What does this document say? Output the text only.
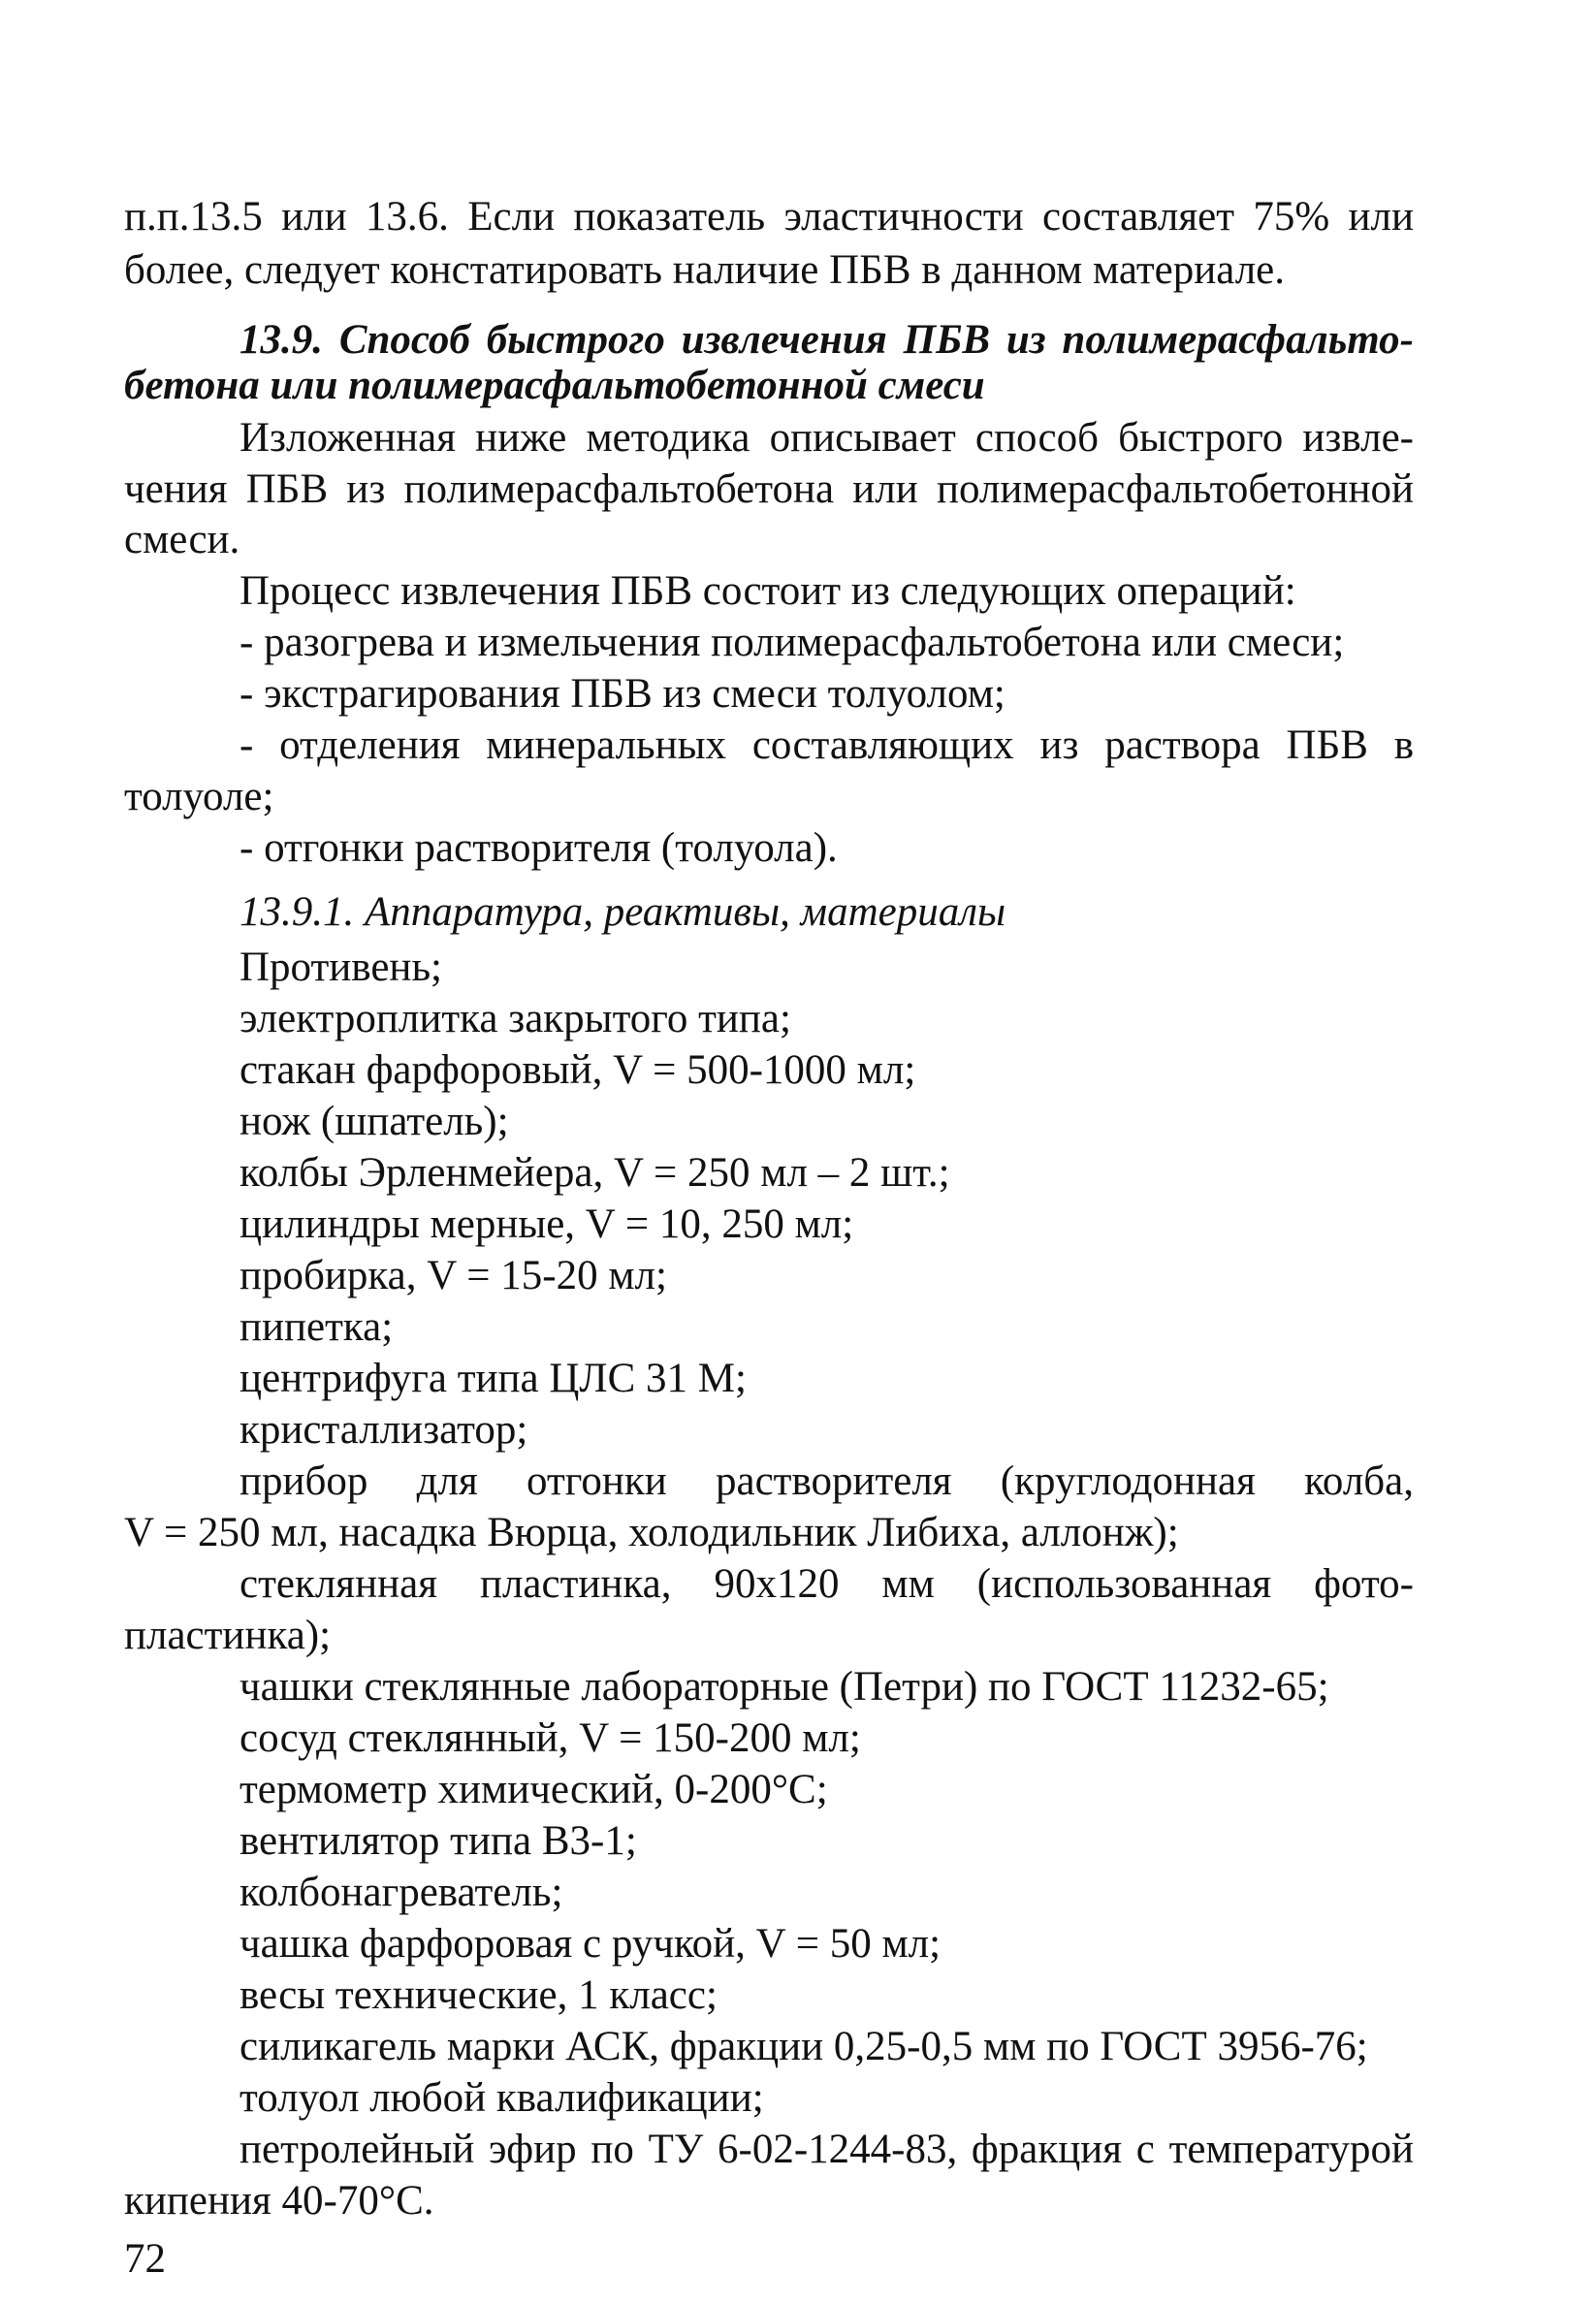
п.п.13.5 или 13.6. Если показатель эластичности составляет 75% или
более, следует констатировать наличие ПБВ в данном материале.
13.9. Способ быстрого извлечения ПБВ из полимерасфальто-
бетона или полимерасфальтобетонной смеси
Изложенная ниже методика описывает способ быстрого извле-
чения ПБВ из полимерасфальтобетона или полимерасфальтобетонной
смеси.
Процесс извлечения ПБВ состоит из следующих операций:
- разогрева и измельчения полимерасфальтобетона или смеси;
- экстрагирования ПБВ из смеси толуолом;
- отделения минеральных составляющих из раствора ПБВ в
толуоле;
- отгонки растворителя (толуола).
13.9.1. Аппаратура, реактивы, материалы
Противень;
электроплитка закрытого типа;
стакан фарфоровый, V = 500-1000 мл;
нож (шпатель);
колбы Эрленмейера, V = 250 мл – 2 шт.;
цилиндры мерные, V = 10, 250 мл;
пробирка, V = 15-20 мл;
пипетка;
центрифуга типа ЦЛС 31 М;
кристаллизатор;
прибор для отгонки растворителя (круглодонная колба,
V = 250 мл, насадка Вюрца, холодильник Либиха, аллонж);
стеклянная пластинка, 90х120 мм (использованная фото-
пластинка);
чашки стеклянные лабораторные (Петри) по ГОСТ 11232-65;
сосуд стеклянный, V = 150-200 мл;
термометр химический, 0-200°С;
вентилятор типа В3-1;
колбонагреватель;
чашка фарфоровая с ручкой, V = 50 мл;
весы технические, 1 класс;
силикагель марки АСК, фракции 0,25-0,5 мм по ГОСТ 3956-76;
толуол любой квалификации;
петролейный эфир по ТУ 6-02-1244-83, фракция с температурой
кипения 40-70°С.
72
